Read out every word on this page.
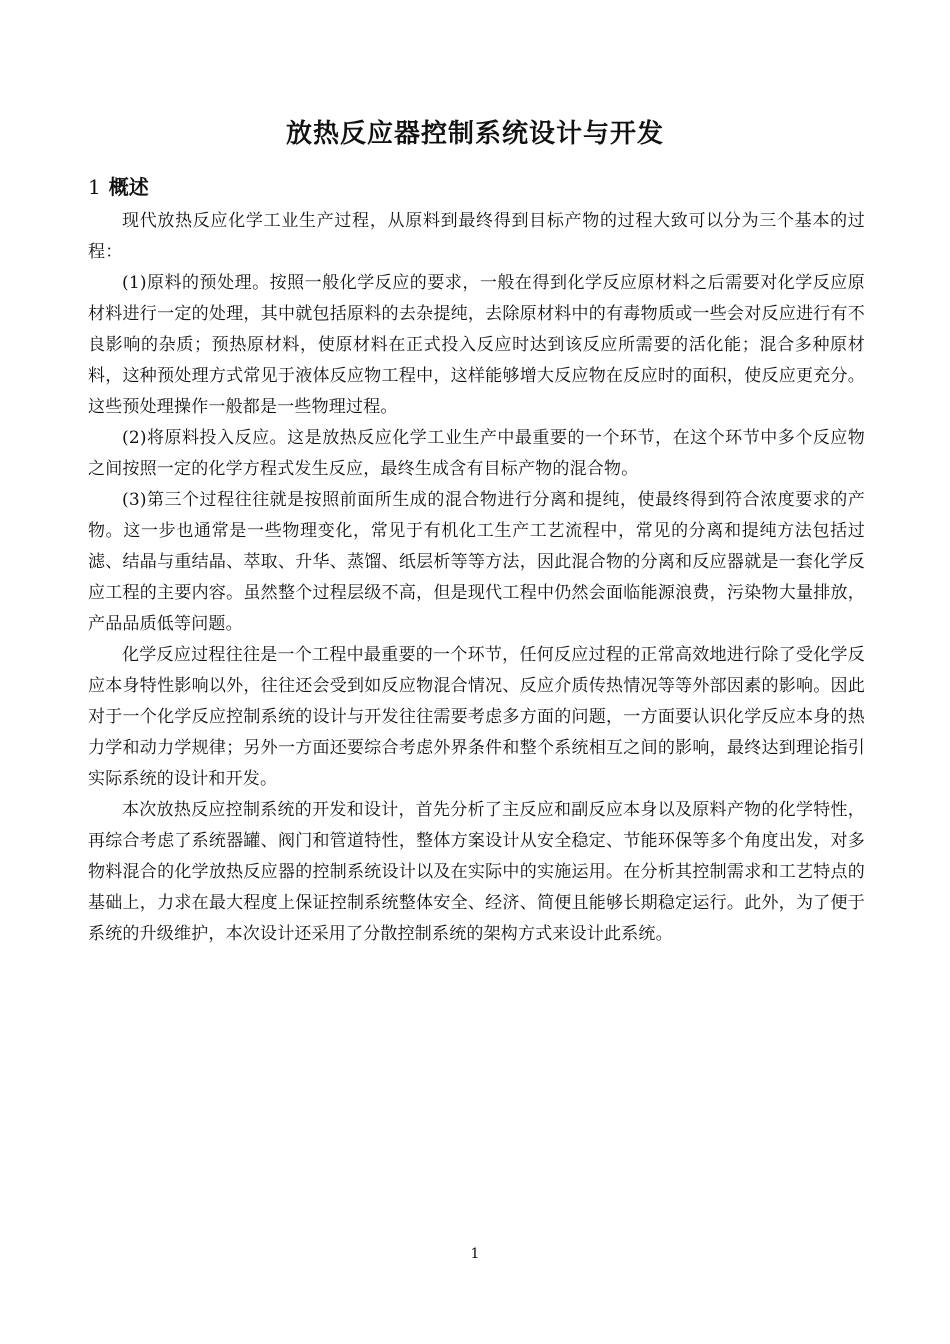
放热反应器控制系统设计与开发
1 概述

现代放热反应化学工业生产过程，从原料到最终得到目标产物的过程大致可以分为三个基本的过程：

(1)原料的预处理。按照一般化学反应的要求，一般在得到化学反应原材料之后需要对化学反应原材料进行一定的处理，其中就包括原料的去杂提纯，去除原材料中的有毒物质或一些会对反应进行有不良影响的杂质；预热原材料，使原材料在正式投入反应时达到该反应所需要的活化能；混合多种原材料，这种预处理方式常见于液体反应物工程中，这样能够增大反应物在反应时的面积，使反应更充分。这些预处理操作一般都是一些物理过程。

(2)将原料投入反应。这是放热反应化学工业生产中最重要的一个环节，在这个环节中多个反应物之间按照一定的化学方程式发生反应，最终生成含有目标产物的混合物。

(3)第三个过程往往就是按照前面所生成的混合物进行分离和提纯，使最终得到符合浓度要求的产物。这一步也通常是一些物理变化，常见于有机化工生产工艺流程中，常见的分离和提纯方法包括过滤、结晶与重结晶、萃取、升华、蒸馏、纸层析等等方法，因此混合物的分离和反应器就是一套化学反应工程的主要内容。虽然整个过程层级不高，但是现代工程中仍然会面临能源浪费，污染物大量排放，产品品质低等问题。

化学反应过程往往是一个工程中最重要的一个环节，任何反应过程的正常高效地进行除了受化学反应本身特性影响以外，往往还会受到如反应物混合情况、反应介质传热情况等等外部因素的影响。因此对于一个化学反应控制系统的设计与开发往往需要考虑多方面的问题，一方面要认识化学反应本身的热力学和动力学规律；另外一方面还要综合考虑外界条件和整个系统相互之间的影响，最终达到理论指引实际系统的设计和开发。

本次放热反应控制系统的开发和设计，首先分析了主反应和副反应本身以及原料产物的化学特性，再综合考虑了系统器罐、阀门和管道特性，整体方案设计从安全稳定、节能环保等多个角度出发，对多物料混合的化学放热反应器的控制系统设计以及在实际中的实施运用。在分析其控制需求和工艺特点的基础上，力求在最大程度上保证控制系统整体安全、经济、简便且能够长期稳定运行。此外，为了便于系统的升级维护，本次设计还采用了分散控制系统的架构方式来设计此系统。

1
